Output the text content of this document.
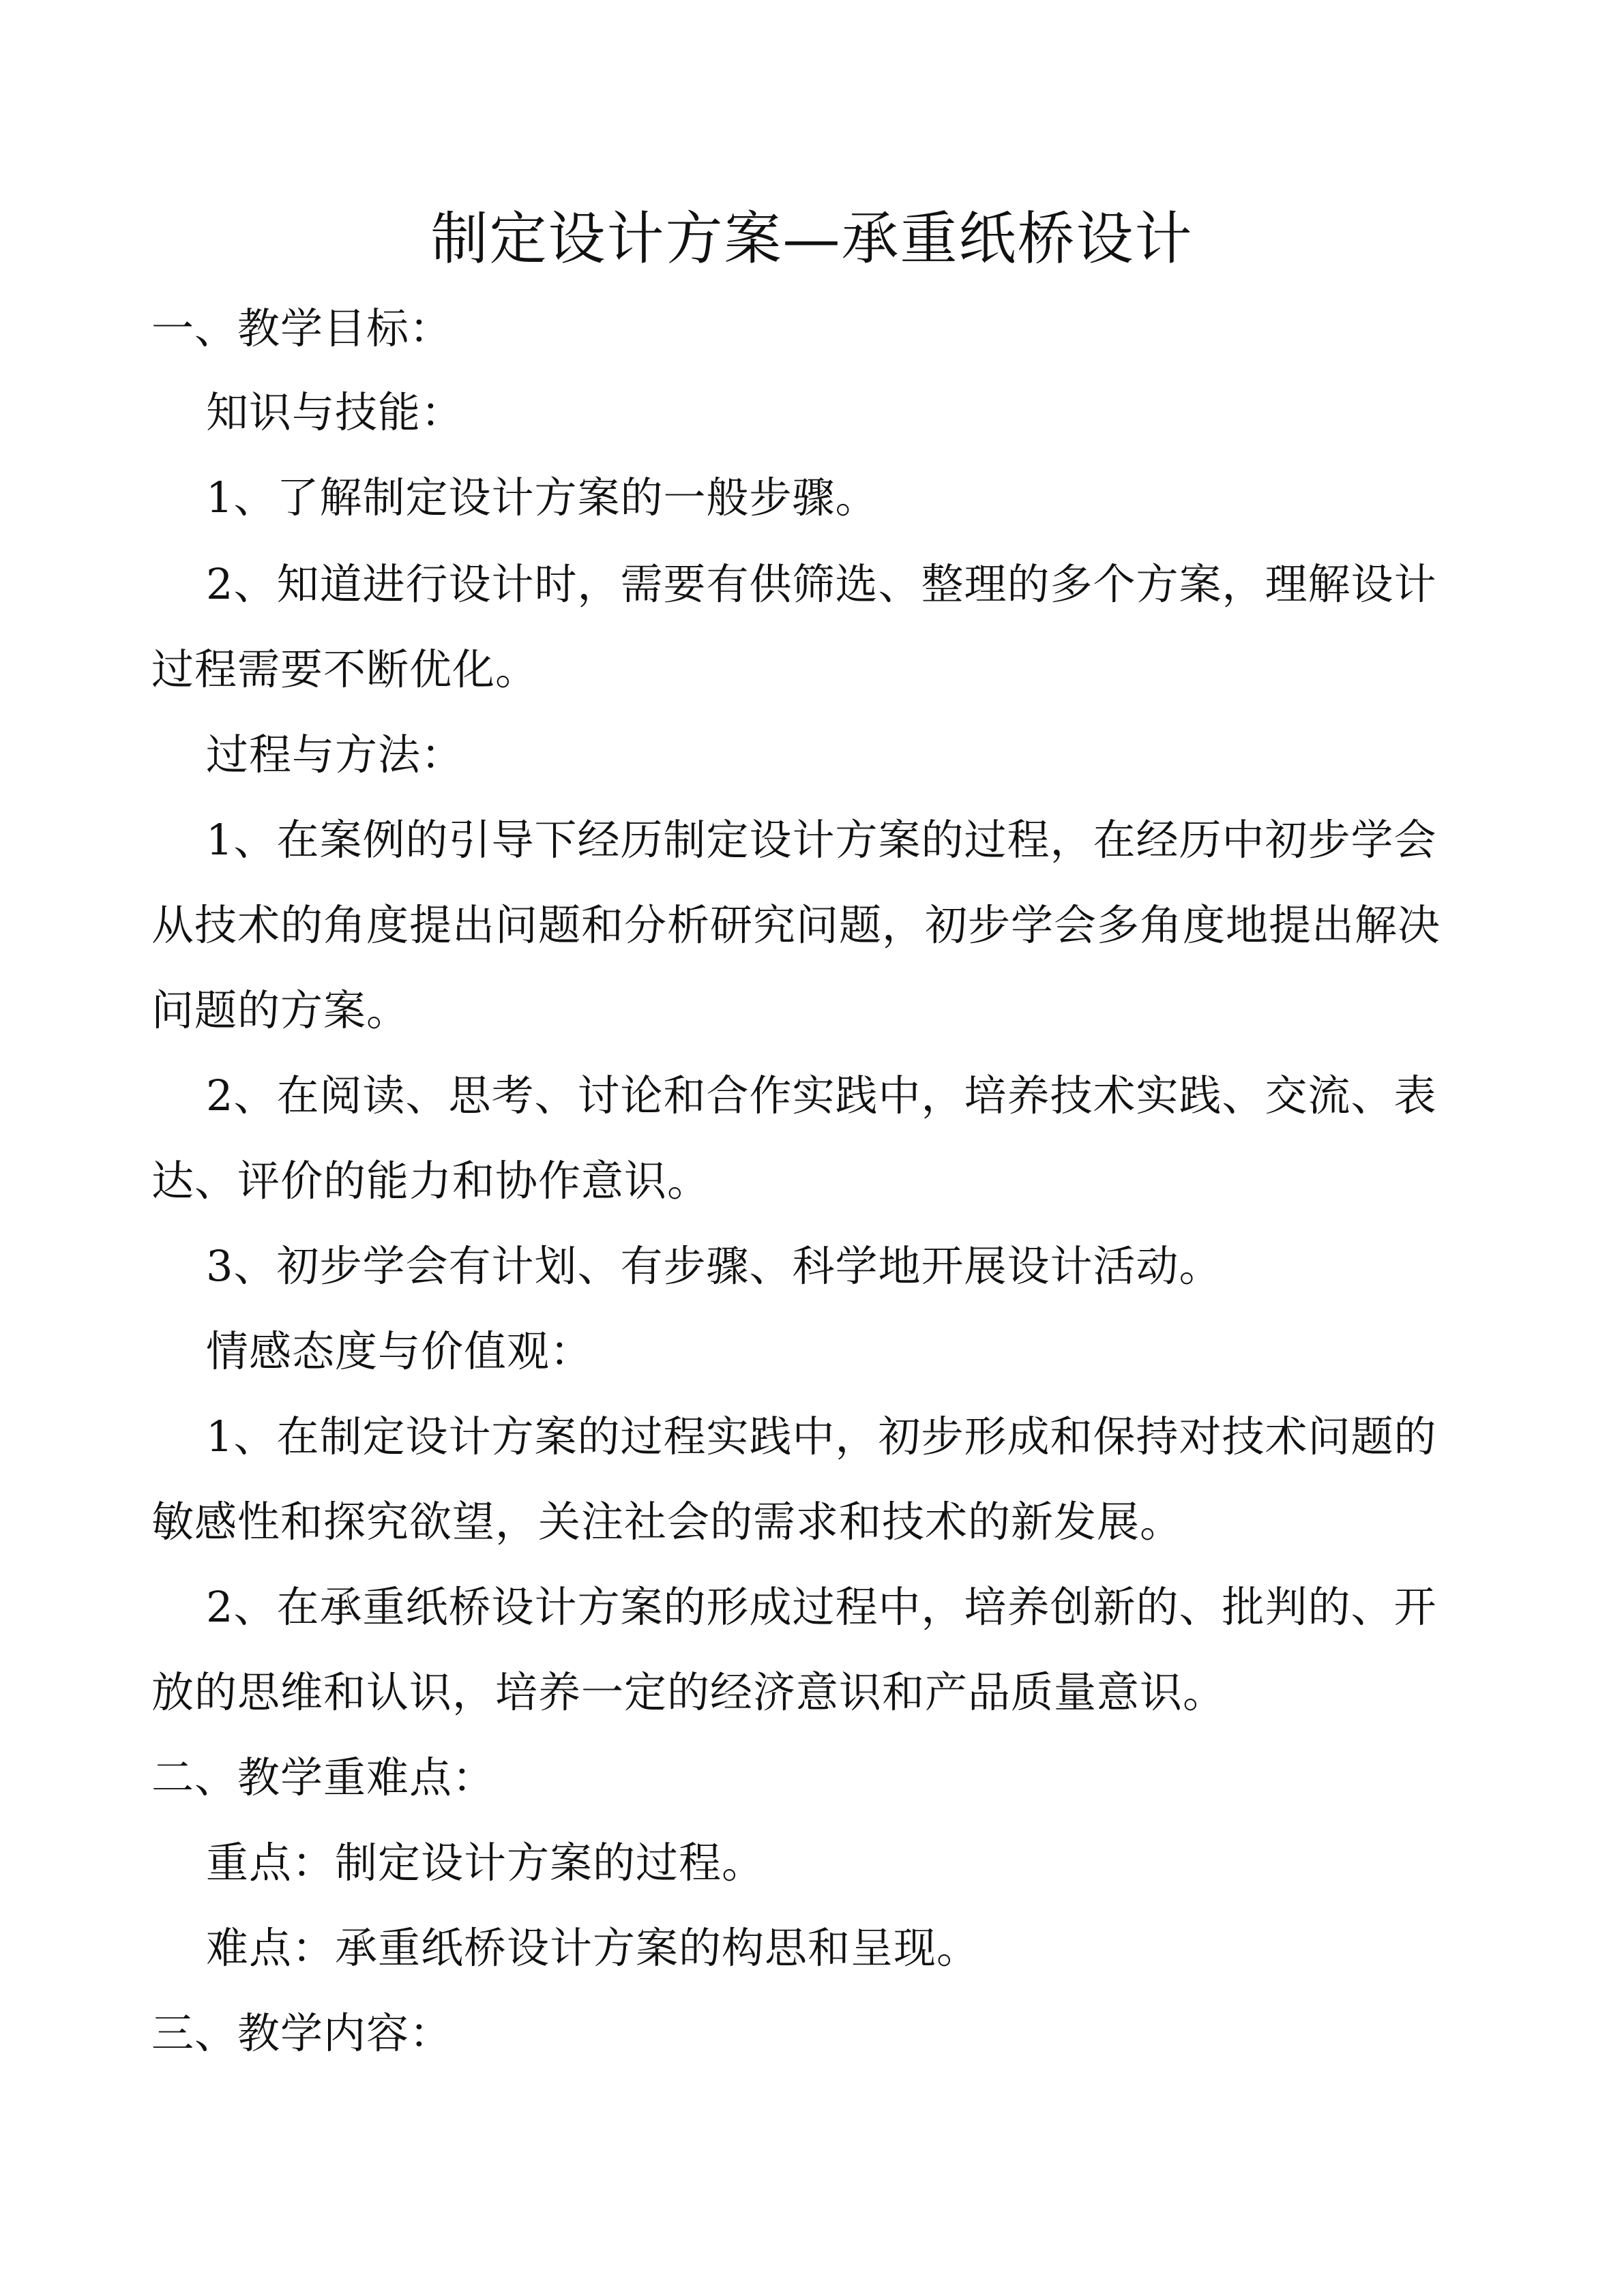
制定设计方案—承重纸桥设计
一、教学目标：
知识与技能：
1、了解制定设计方案的一般步骤。
2、知道进行设计时，需要有供筛选、整理的多个方案，理解设计
过程需要不断优化。
过程与方法：
1、在案例的引导下经历制定设计方案的过程，在经历中初步学会
从技术的角度提出问题和分析研究问题，初步学会多角度地提出解决
问题的方案。
2、在阅读、思考、讨论和合作实践中，培养技术实践、交流、表
达、评价的能力和协作意识。
3、初步学会有计划、有步骤、科学地开展设计活动。
情感态度与价值观：
1、在制定设计方案的过程实践中，初步形成和保持对技术问题的
敏感性和探究欲望，关注社会的需求和技术的新发展。
2、在承重纸桥设计方案的形成过程中，培养创新的、批判的、开
放的思维和认识，培养一定的经济意识和产品质量意识。
二、教学重难点：
重点：制定设计方案的过程。
难点：承重纸桥设计方案的构思和呈现。
三、教学内容：
